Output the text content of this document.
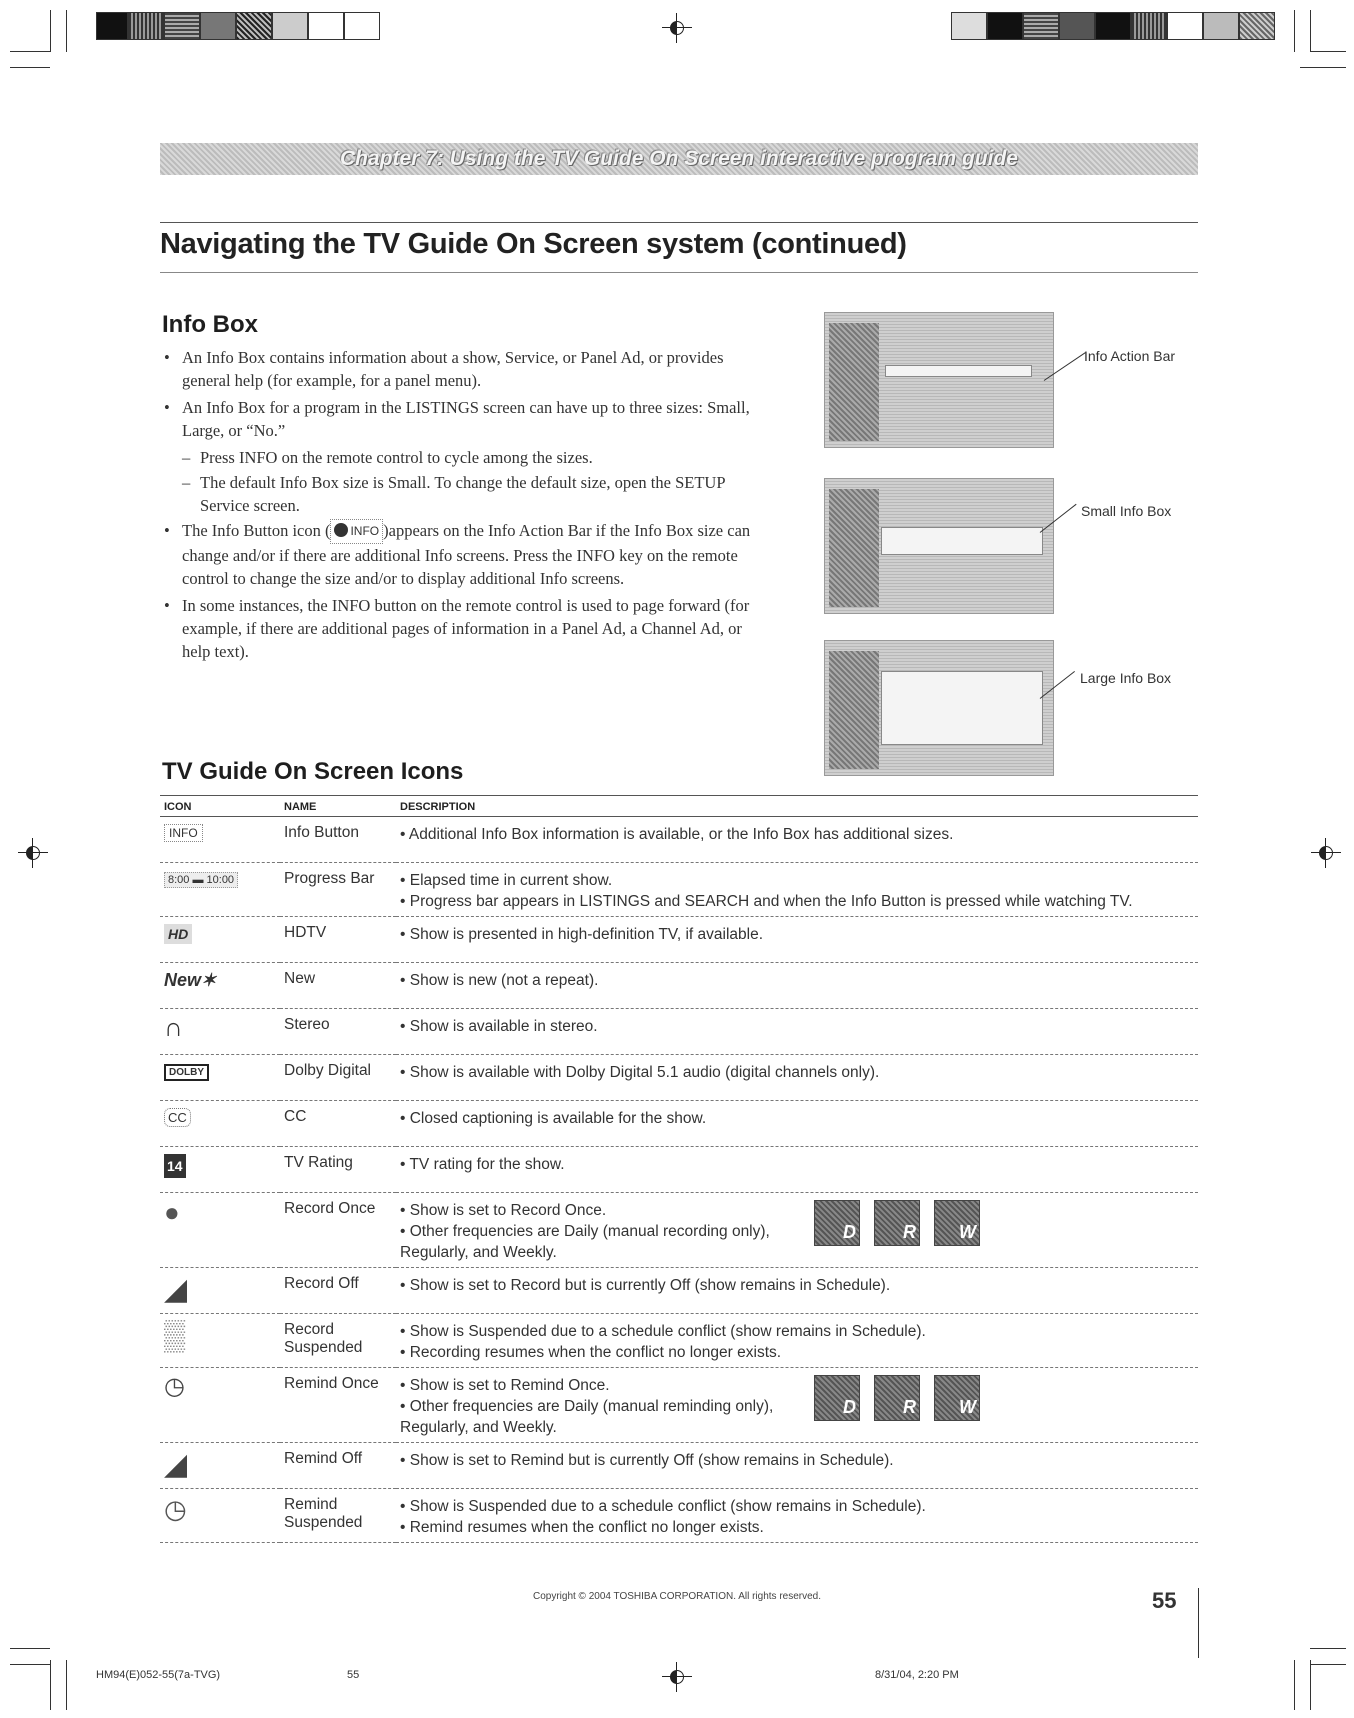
Chapter 7: Using the TV Guide On Screen interactive program guide
Navigating the TV Guide On Screen system (continued)
Info Box
• An Info Box contains information about a show, Service, or Panel Ad, or provides general help (for example, for a panel menu).
• An Info Box for a program in the LISTINGS screen can have up to three sizes: Small, Large, or “No.”
– Press INFO on the remote control to cycle among the sizes.
– The default Info Box size is Small. To change the default size, open the SETUP Service screen.
• The Info Button icon ( INFO )appears on the Info Action Bar if the Info Box size can change and/or if there are additional Info screens. Press the INFO key on the remote control to change the size and/or to display additional Info screens.
• In some instances, the INFO button on the remote control is used to page forward (for example, if there are additional pages of information in a Panel Ad, a Channel Ad, or help text).
Info Action Bar
Small Info Box
Large Info Box
TV Guide On Screen Icons
ICON	NAME	DESCRIPTION
INFO	Info Button	• Additional Info Box information is available, or the Info Box has additional sizes.

8:00 ▬ 10:00	Progress Bar	• Elapsed time in current show.
• Progress bar appears in LISTINGS and SEARCH and when the Info Button is pressed while watching TV.

HD	HDTV	• Show is presented in high-definition TV, if available.

New✶	New	• Show is new (not a repeat).

∩	Stereo	• Show is available in stereo.

DOLBY	Dolby Digital	• Show is available with Dolby Digital 5.1 audio (digital channels only).

CC	CC	• Closed captioning is available for the show.

14	TV Rating	• TV rating for the show.

●	Record Once	• Show is set to Record Once.
• Other frequencies are Daily (manual recording only), Regularly, and Weekly.
D R W

◢	Record Off	• Show is set to Record but is currently Off (show remains in Schedule).

▒	Record Suspended	• Show is Suspended due to a schedule conflict (show remains in Schedule).
• Recording resumes when the conflict no longer exists.

◷	Remind Once	• Show is set to Remind Once.
• Other frequencies are Daily (manual reminding only), Regularly, and Weekly.
D R W

◢	Remind Off	• Show is set to Remind but is currently Off (show remains in Schedule).

◷	Remind Suspended	• Show is Suspended due to a schedule conflict (show remains in Schedule).
• Remind resumes when the conflict no longer exists.
Copyright © 2004 TOSHIBA CORPORATION. All rights reserved.	55
HM94(E)052-55(7a-TVG)	55	8/31/04, 2:20 PM
